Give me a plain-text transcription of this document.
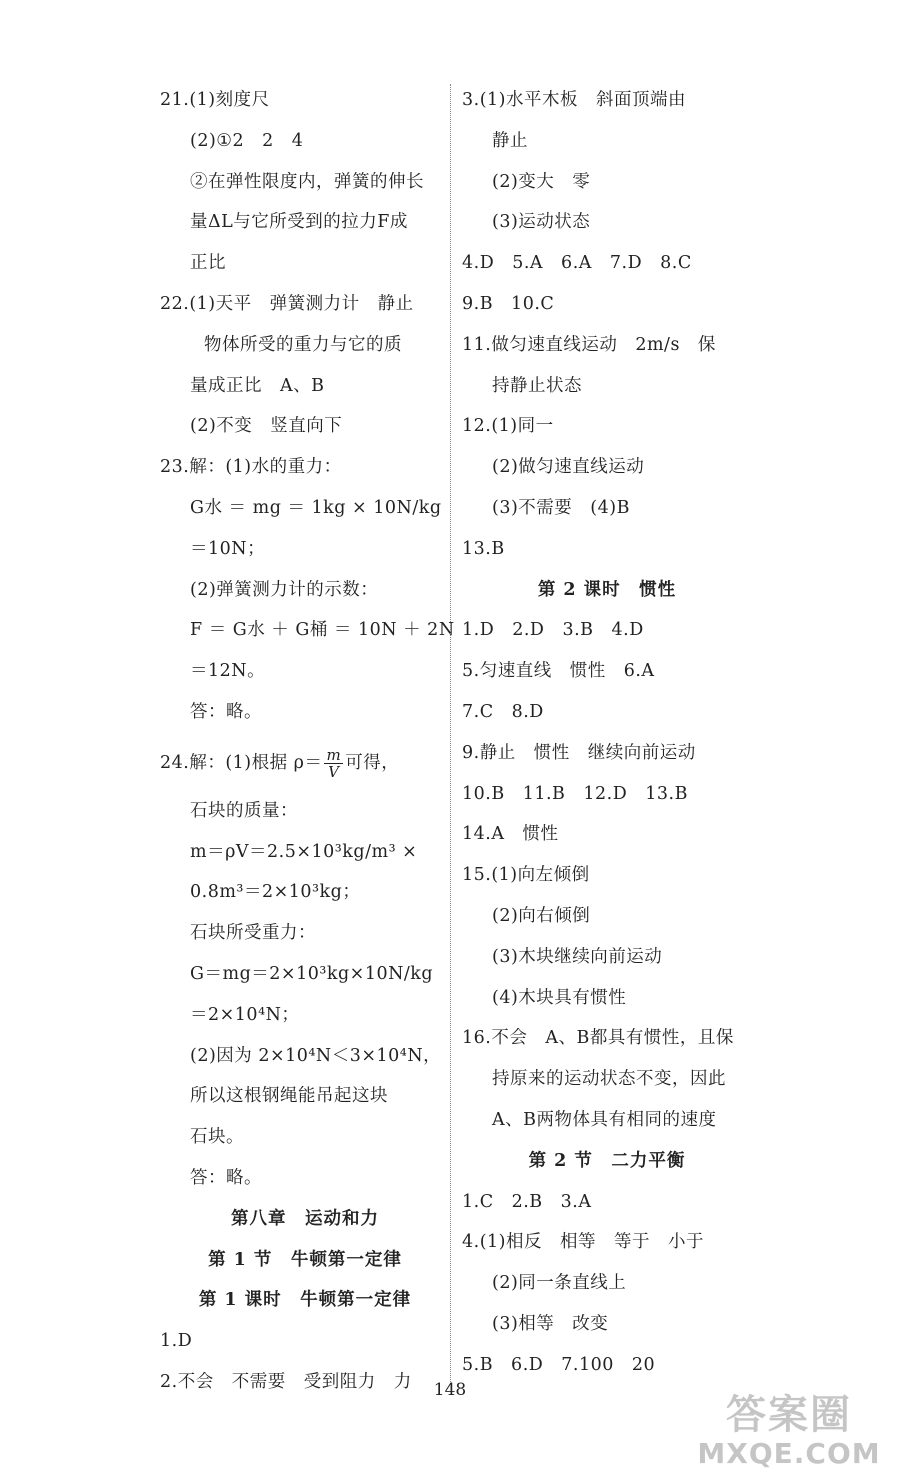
21.(1)刻度尺
(2)①2　2　4
②在弹性限度内，弹簧的伸长
量ΔL与它所受到的拉力F成
正比
22.(1)天平　弹簧测力计　静止
物体所受的重力与它的质
量成正比　A、B
(2)不变　竖直向下
23.解：(1)水的重力：
G水 ＝ mg ＝ 1kg × 10N/kg
＝10N；
(2)弹簧测力计的示数：
F ＝ G水 ＋ G桶 ＝ 10N ＋ 2N
＝12N。
答：略。
24.解：(1)根据 $\rho= \frac{m}{V}$ 可得，
石块的质量：
m＝ρV＝2.5×10³kg/m³ ×
0.8m³＝2×10³kg；
石块所受重力：
G＝mg＝2×10³kg×10N/kg
＝2×10⁴N；
(2)因为 2×10⁴N＜3×10⁴N，
所以这根钢绳能吊起这块
石块。
答：略。
第八章　运动和力
第 1 节　牛顿第一定律
第 1 课时　牛顿第一定律
1.D
2.不会　不需要　受到阻力　力
3.(1)水平木板　斜面顶端由
静止
(2)变大　零
(3)运动状态
4.D　5.A　6.A　7.D　8.C
9.B　10.C
11.做匀速直线运动　2m/s　保
持静止状态
12.(1)同一
(2)做匀速直线运动
(3)不需要　(4)B
13.B
第 2 课时　惯性
1.D　2.D　3.B　4.D
5.匀速直线　惯性　6.A
7.C　8.D
9.静止　惯性　继续向前运动
10.B　11.B　12.D　13.B
14.A　惯性
15.(1)向左倾倒
(2)向右倾倒
(3)木块继续向前运动
(4)木块具有惯性
16.不会　A、B都具有惯性，且保
持原来的运动状态不变，因此
A、B两物体具有相同的速度
第 2 节　二力平衡
1.C　2.B　3.A
4.(1)相反　相等　等于　小于
(2)同一条直线上
(3)相等　改变
5.B　6.D　7.100　20
148
答案圈
MXQE.COM
